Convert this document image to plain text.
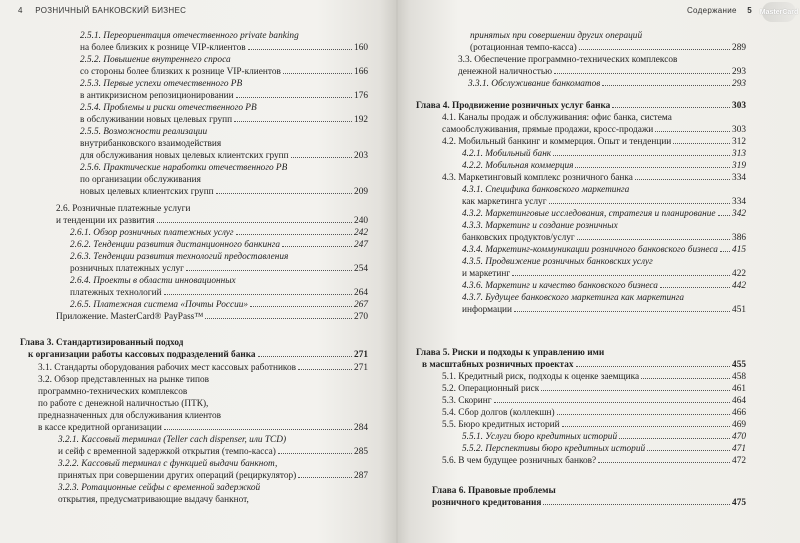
4 РОЗНИЧНЫЙ БАНКОВСКИЙ БИЗНЕС
2.5.1. Переориентация отечественного private banking
на более близких к рознице VIP-клиентов	160
2.5.2. Повышение внутреннего спроса
со стороны более близких к рознице VIP-клиентов	166
2.5.3. Первые успехи отечественного PB
в антикризисном репозиционировании	176
2.5.4. Проблемы и риски отечественного PB
в обслуживании новых целевых групп	192
2.5.5. Возможности реализации
внутрибанковского взаимодействия
для обслуживания новых целевых клиентских групп	203
2.5.6. Практические наработки отечественного PB
по организации обслуживания
новых целевых клиентских групп	209
2.6. Розничные платежные услуги
и тенденции их развития	240
2.6.1. Обзор розничных платежных услуг	242
2.6.2. Тенденции развития дистанционного банкинга	247
2.6.3. Тенденции развития технологий предоставления
розничных платежных услуг	254
2.6.4. Проекты в области инновационных
платежных технологий	264
2.6.5. Платежная система «Почты России»	267
Приложение. MasterCard® PayPass™	270
Глава 3. Стандартизированный подход
к организации работы кассовых подразделений банка	271
3.1. Стандарты оборудования рабочих мест кассовых работников	271
3.2. Обзор представленных на рынке типов
программно-технических комплексов
по работе с денежной наличностью (ПТК),
предназначенных для обслуживания клиентов
в кассе кредитной организации	284
3.2.1. Кассовый терминал (Teller cach dispenser, или TCD)
и сейф с временной задержкой открытия (темпо-касса)	285
3.2.2. Кассовый терминал с функцией выдачи банкнот,
принятых при совершении других операций (рециркулятор)	287
3.2.3. Ротационные сейфы с временной задержкой
открытия, предусматривающие выдачу банкнот,
Содержание 5 MasterCard
принятых при совершении других операций
(ротационная темпо-касса)	289
3.3. Обеспечение программно-технических комплексов
денежной наличностью	293
3.3.1. Обслуживание банкоматов	293
Глава 4. Продвижение розничных услуг банка	303
4.1. Каналы продаж и обслуживания: офис банка, система
самообслуживания, прямые продажи, кросс-продажи	303
4.2. Мобильный банкинг и коммерция. Опыт и тенденции	312
4.2.1. Мобильный банк	313
4.2.2. Мобильная коммерция	319
4.3. Маркетинговый комплекс розничного банка	334
4.3.1. Специфика банковского маркетинга
как маркетинга услуг	334
4.3.2. Маркетинговые исследования, стратегия и планирование 342
4.3.3. Маркетинг и создание розничных
банковских продуктов/услуг	386
4.3.4. Маркетинг-коммуникации розничного банковского бизнеса 415
4.3.5. Продвижение розничных банковских услуг
и маркетинг	422
4.3.6. Маркетинг и качество банковского бизнеса	442
4.3.7. Будущее банковского маркетинга как маркетинга
информации	451
Глава 5. Риски и подходы к управлению ими
в масштабных розничных проектах	455
5.1. Кредитный риск, подходы к оценке заемщика	458
5.2. Операционный риск	461
5.3. Скоринг	464
5.4. Сбор долгов (коллекшн)	466
5.5. Бюро кредитных историй	469
5.5.1. Услуги бюро кредитных историй	470
5.5.2. Перспективы бюро кредитных историй	471
5.6. В чем будущее розничных банков?	472
Глава 6. Правовые проблемы
розничного кредитования	475
